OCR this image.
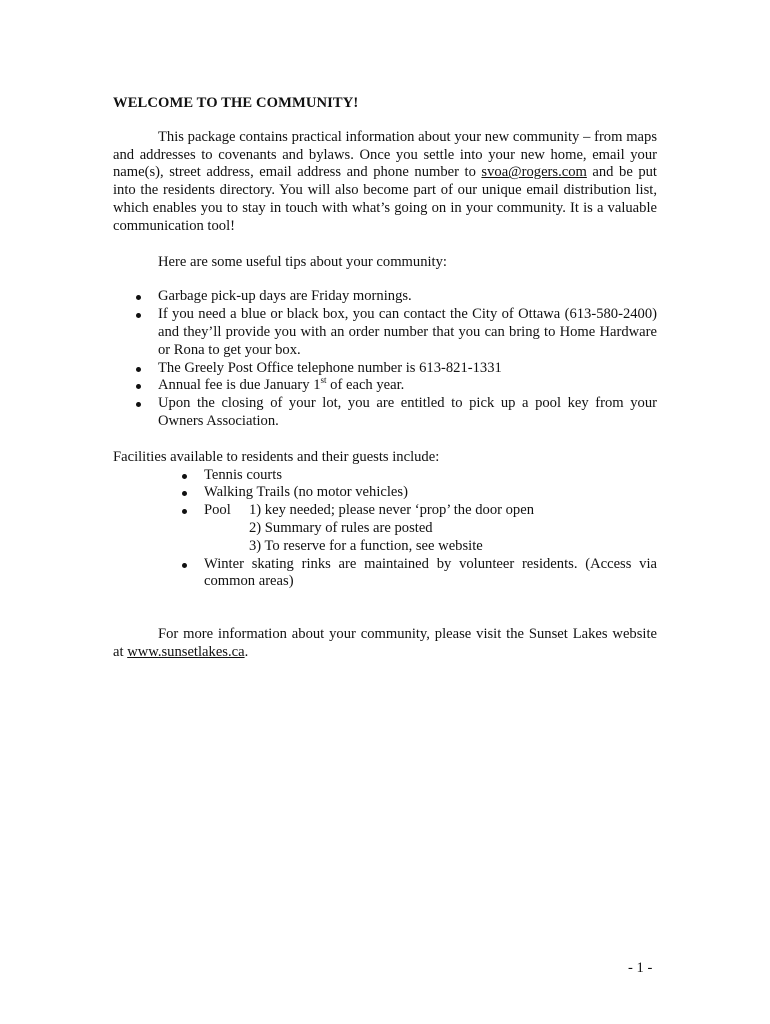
WELCOME TO THE COMMUNITY!

This package contains practical information about your new community – from maps and addresses to covenants and bylaws. Once you settle into your new home, email your name(s), street address, email address and phone number to svoa@rogers.com and be put into the residents directory. You will also become part of our unique email distribution list, which enables you to stay in touch with what’s going on in your community. It is a valuable communication tool!

Here are some useful tips about your community:

Garbage pick-up days are Friday mornings.
If you need a blue or black box, you can contact the City of Ottawa (613-580-2400) and they’ll provide you with an order number that you can bring to Home Hardware or Rona to get your box.
The Greely Post Office telephone number is 613-821-1331
Annual fee is due January 1st of each year.
Upon the closing of your lot, you are entitled to pick up a pool key from your Owners Association.

Facilities available to residents and their guests include:

Tennis courts
Walking Trails (no motor vehicles)
Pool	1) key needed; please never ‘prop’ the door open
2) Summary of rules are posted
3) To reserve for a function, see website
Winter skating rinks are maintained by volunteer residents. (Access via common areas)

For more information about your community, please visit the Sunset Lakes website at www.sunsetlakes.ca.

- 1 -
